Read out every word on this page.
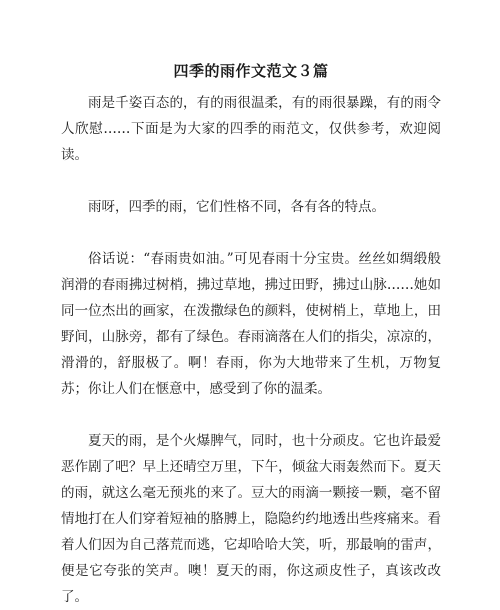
四季的雨作文范文３篇

雨是千姿百态的，有的雨很温柔，有的雨很暴躁，有的雨令人欣慰……下面是为大家的四季的雨范文，仅供参考，欢迎阅读。

雨呀，四季的雨，它们性格不同，各有各的特点。

俗话说：“春雨贵如油。”可见春雨十分宝贵。丝丝如绸缎般润滑的春雨拂过树梢，拂过草地，拂过田野，拂过山脉……她如同一位杰出的画家，在泼撒绿色的颜料，使树梢上，草地上，田野间，山脉旁，都有了绿色。春雨滴落在人们的指尖，凉凉的，滑滑的，舒服极了。啊！春雨，你为大地带来了生机，万物复苏；你让人们在惬意中，感受到了你的温柔。

夏天的雨，是个火爆脾气，同时，也十分顽皮。它也许最爱恶作剧了吧？早上还晴空万里，下午，倾盆大雨轰然而下。夏天的雨，就这么毫无预兆的来了。豆大的雨滴一颗接一颗，毫不留情地打在人们穿着短袖的胳膊上，隐隐约约地透出些疼痛来。看着人们因为自己落荒而逃，它却哈哈大笑，听，那最响的雷声，便是它夸张的笑声。噢！夏天的雨，你这顽皮性子，真该改改了。
